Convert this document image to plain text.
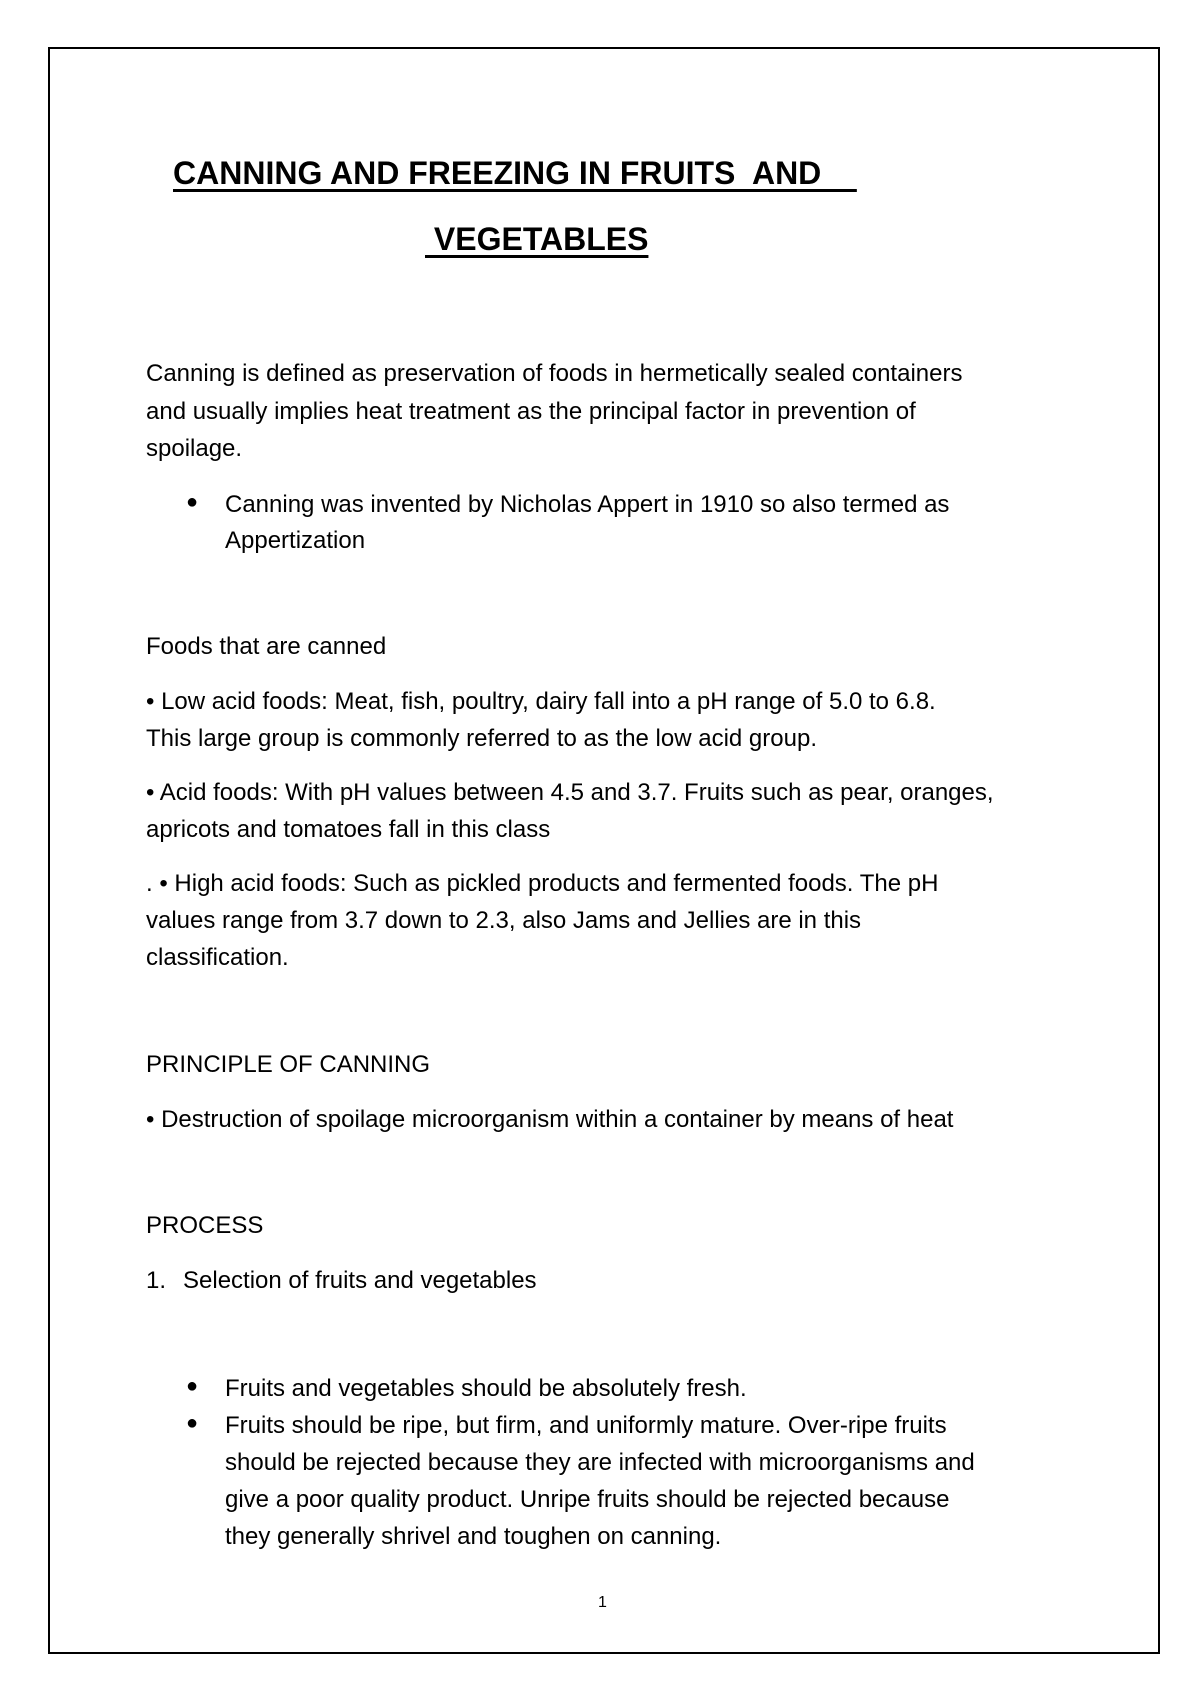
CANNING AND FREEZING IN FRUITS  AND
VEGETABLES
Canning is defined as preservation of foods in hermetically sealed containers
and usually implies heat treatment as the principal factor in prevention of
spoilage.
● Canning was invented by Nicholas Appert in 1910 so also termed as
Appertization
Foods that are canned
• Low acid foods: Meat, fish, poultry, dairy fall into a pH range of 5.0 to 6.8.
This large group is commonly referred to as the low acid group.
• Acid foods: With pH values between 4.5 and 3.7. Fruits such as pear, oranges,
apricots and tomatoes fall in this class
. • High acid foods: Such as pickled products and fermented foods. The pH
values range from 3.7 down to 2.3, also Jams and Jellies are in this
classification.
PRINCIPLE OF CANNING
• Destruction of spoilage microorganism within a container by means of heat
PROCESS
1. Selection of fruits and vegetables
● Fruits and vegetables should be absolutely fresh.
● Fruits should be ripe, but firm, and uniformly mature. Over-ripe fruits
should be rejected because they are infected with microorganisms and
give a poor quality product. Unripe fruits should be rejected because
they generally shrivel and toughen on canning.
1
